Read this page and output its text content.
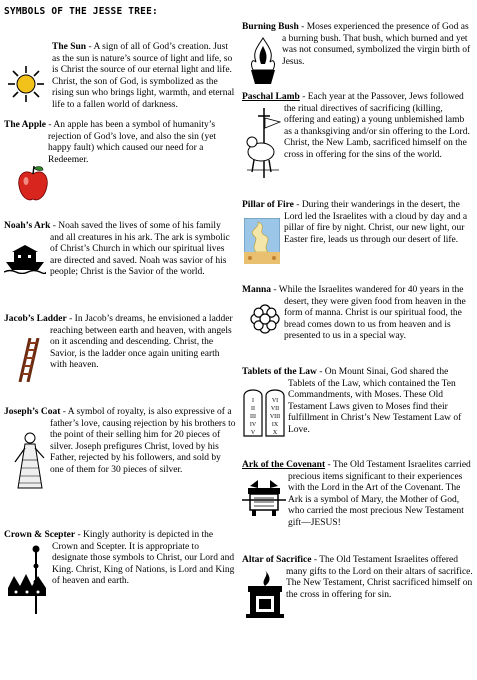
SYMBOLS OF THE JESSE TREE:

The Sun - A sign of all of God’s creation. Just as the sun is nature’s source of light and life, so is Christ the source of our eternal light and life. Christ, the son of God, is symbolized as the rising sun who brings light, warmth, and eternal life to a fallen world of darkness.

The Apple - An apple has been a symbol of humanity’s rejection of God’s love, and also the sin (yet happy fault) which caused our need for a Redeemer.

Noah’s Ark - Noah saved the lives of some of his family and all creatures in his ark. The ark is symbolic of Christ’s Church in which our spiritual lives are directed and saved. Noah was savior of his people; Christ is the Savior of the world.

Jacob’s Ladder - In Jacob’s dreams, he envisioned a ladder reaching between earth and heaven, with angels on it ascending and descending. Christ, the Savior, is the ladder once again uniting earth with heaven.

Joseph’s Coat - A symbol of royalty, is also expressive of a father’s love, causing rejection by his brothers to the point of their selling him for 20 pieces of silver. Joseph prefigures Christ, loved by his Father, rejected by his followers, and sold by one of them for 30 pieces of silver.

Crown & Scepter - Kingly authority is depicted in the Crown and Scepter. It is appropriate to designate those symbols to Christ, our Lord and King. Christ, King of Nations, is Lord and King of heaven and earth.

Burning Bush - Moses experienced the presence of God as a burning bush. That bush, which burned and yet was not consumed, symbolized the virgin birth of Jesus.

Paschal Lamb - Each year at the Passover, Jews followed the ritual directives of sacrificing (killing, offering and eating) a young unblemished lamb as a thanksgiving and/or sin offering to the Lord. Christ, the New Lamb, sacrificed himself on the cross in offering for the sins of the world.

Pillar of Fire - During their wanderings in the desert, the Lord led the Israelites with a cloud by day and a pillar of fire by night. Christ, our new light, our Easter fire, leads us through our desert of life.

Manna - While the Israelites wandered for 40 years in the desert, they were given food from heaven in the form of manna. Christ is our spiritual food, the bread comes down to us from heaven and is presented to us in a special way.

Tablets of the Law - On Mount Sinai, God shared the Tablets of the Law, which contained the Ten Commandments, with Moses. These Old Testament Laws given to Moses find their fulfillment in Christ’s New Testament Law of Love.

I
II
III
IV
V
VI
VII
VIII
IX
X

Ark of the Covenant - The Old Testament Israelites carried precious items significant to their experiences with the Lord in the Art of the Covenant. The Ark is a symbol of Mary, the Mother of God, who carried the most precious New Testament gift—JESUS!

Altar of Sacrifice - The Old Testament Israelites offered many gifts to the Lord on their altars of sacrifice. The New Testament, Christ sacrificed himself on the cross in offering for sin.
